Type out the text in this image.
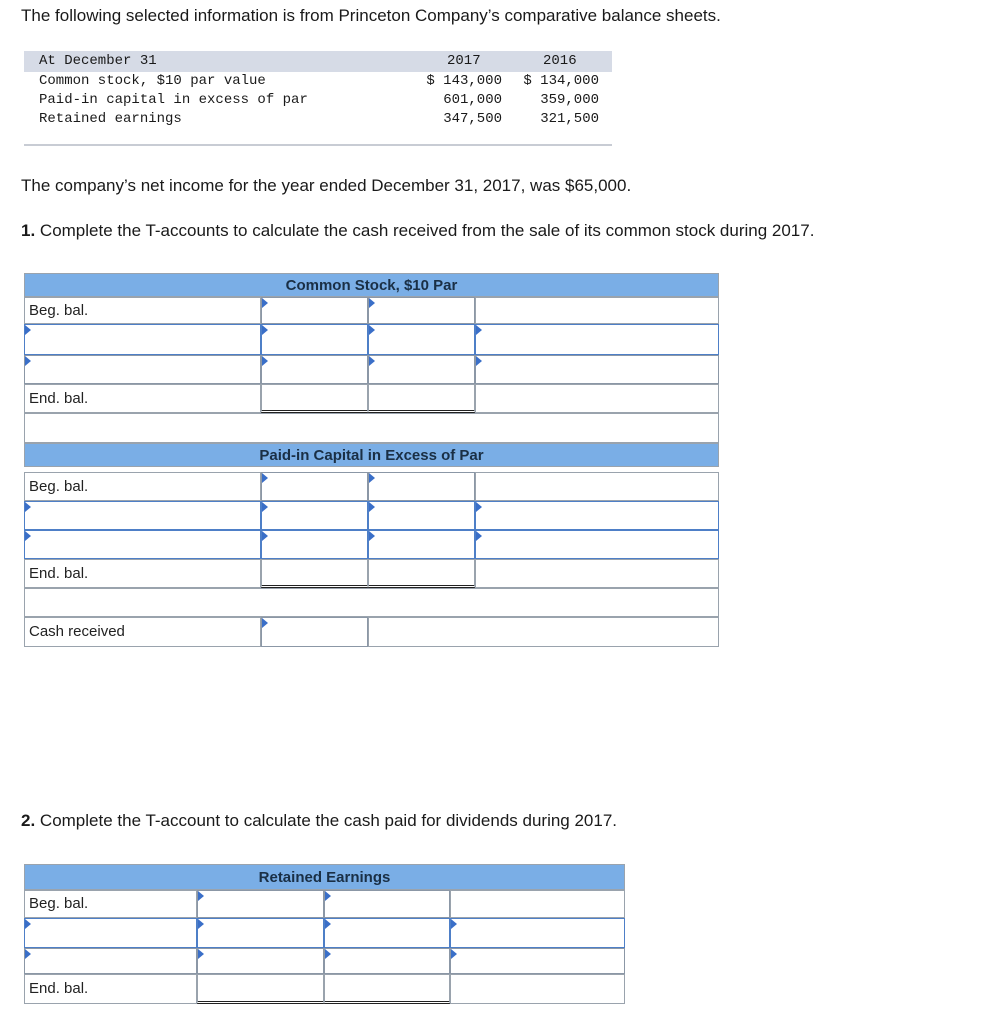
The following selected information is from Princeton Company’s comparative balance sheets.
At December 31	2017	2016
Common stock, $10 par value	$ 143,000	$ 134,000
Paid-in capital in excess of par	601,000	359,000
Retained earnings	347,500	321,500
The company’s net income for the year ended December 31, 2017, was $65,000.
1. Complete the T-accounts to calculate the cash received from the sale of its common stock during 2017.
Common Stock, $10 Par
Beg. bal.
End. bal.
Paid-in Capital in Excess of Par
Beg. bal.
End. bal.
Cash received
2. Complete the T-account to calculate the cash paid for dividends during 2017.
Retained Earnings
Beg. bal.
End. bal.
